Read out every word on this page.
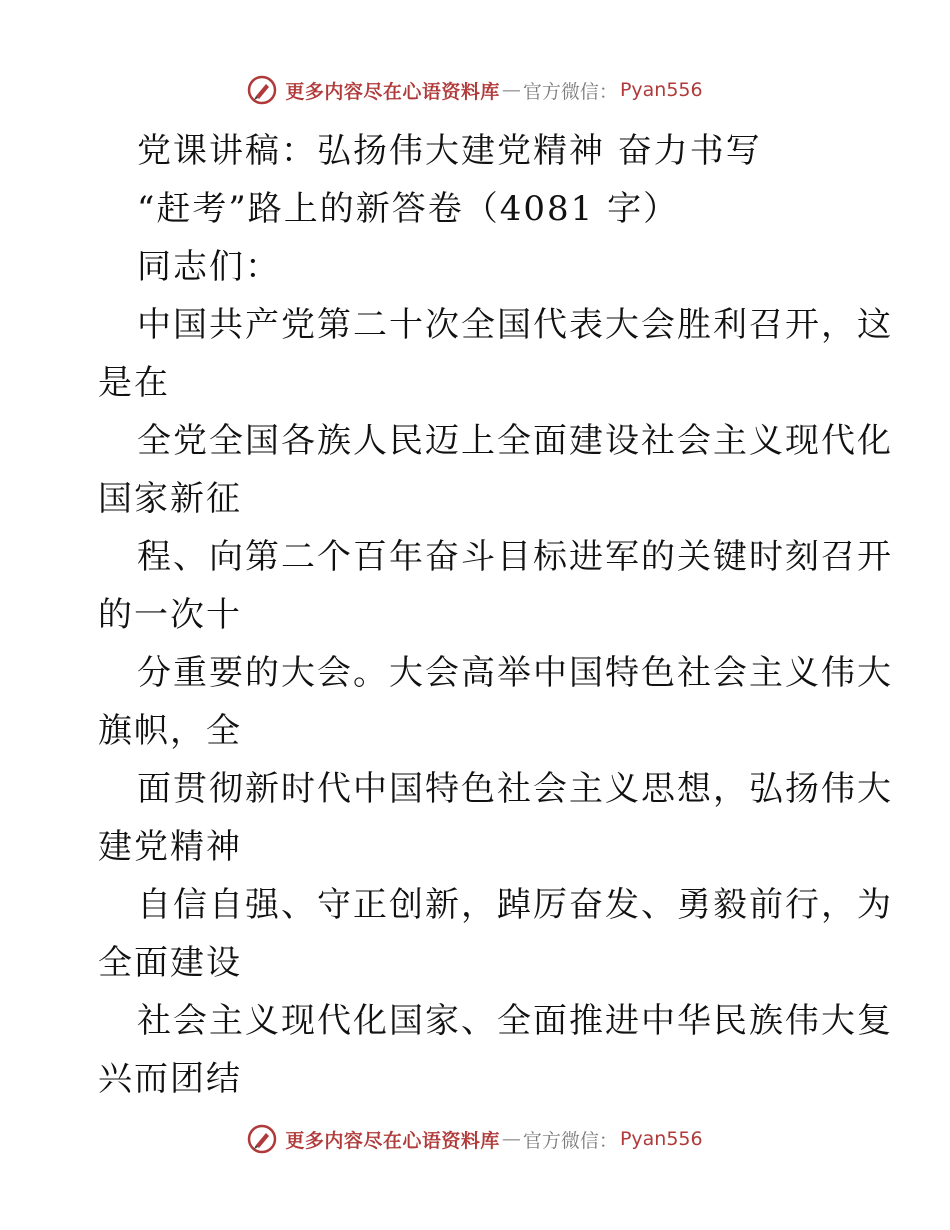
更多内容尽在心语资料库 — 官方微信： Pyan556
党课讲稿：弘扬伟大建党精神 奋力书写
“赶考”路上的新答卷（4081 字）
同志们：
中国共产党第二十次全国代表大会胜利召开，这
是在
全党全国各族人民迈上全面建设社会主义现代化
国家新征
程、向第二个百年奋斗目标进军的关键时刻召开
的一次十
分重要的大会。大会高举中国特色社会主义伟大
旗帜，全
面贯彻新时代中国特色社会主义思想，弘扬伟大
建党精神
自信自强、守正创新，踔厉奋发、勇毅前行，为
全面建设
社会主义现代化国家、全面推进中华民族伟大复
兴而团结
更多内容尽在心语资料库 — 官方微信： Pyan556
